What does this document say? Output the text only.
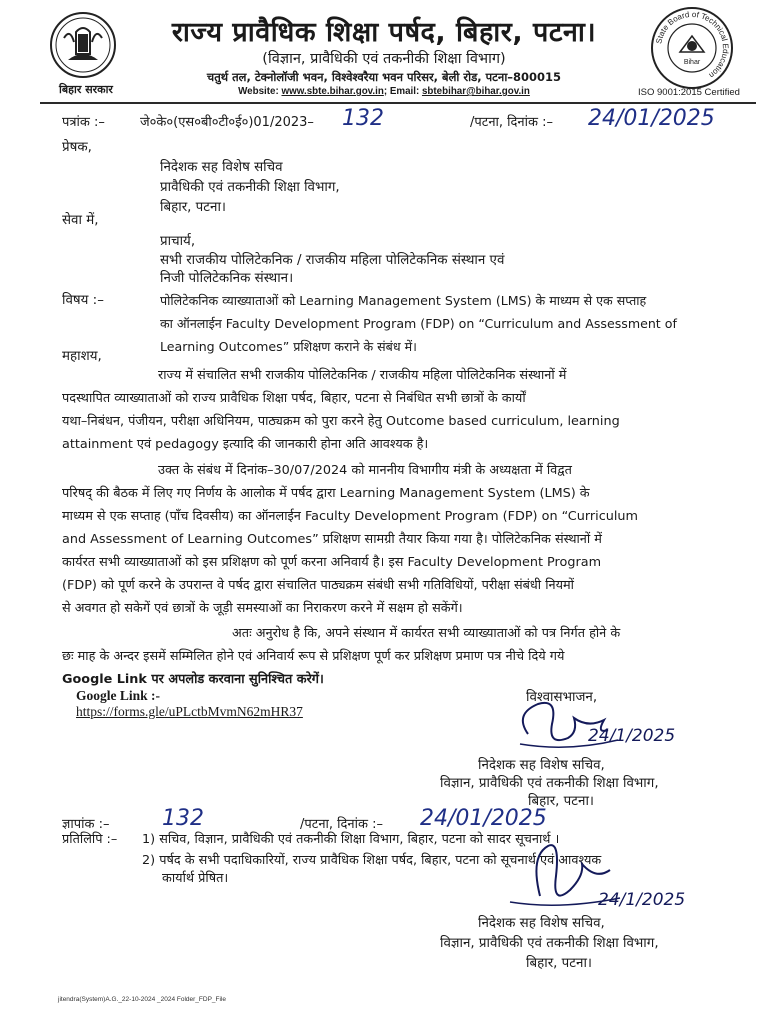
बिहार सरकार
राज्य प्रावैधिक शिक्षा पर्षद, बिहार, पटना।
(विज्ञान, प्रावैधिकी एवं तकनीकी शिक्षा विभाग)
चतुर्थ तल, टेक्नोलॉजी भवन, विश्वेश्वरैया भवन परिसर, बेली रोड, पटना–800015
Website: www.sbte.bihar.gov.in; Email: sbtebihar@bihar.gov.in
State Board of Technical Education
Bihar
ISO 9001:2015 Certified
पत्रांक :–	जे०के०(एस०बी०टी०ई०)01/2023– 132	/पटना, दिनांक :– 24/01/2025
प्रेषक,
निदेशक सह विशेष सचिव
प्रावैधिकी एवं तकनीकी शिक्षा विभाग,
बिहार, पटना।
सेवा में,
प्राचार्य,
सभी राजकीय पोलिटेकनिक / राजकीय महिला पोलिटेकनिक संस्थान एवं
निजी पोलिटेकनिक संस्थान।
विषय :–	पोलिटेकनिक व्याख्याताओं को Learning Management System (LMS) के माध्यम से एक सप्ताह
का ऑनलाईन Faculty Development Program (FDP) on “Curriculum and Assessment of
Learning Outcomes” प्रशिक्षण कराने के संबंध में।
महाशय,
राज्य में संचालित सभी राजकीय पोलिटेकनिक / राजकीय महिला पोलिटेकनिक संस्थानों में
पदस्थापित व्याख्याताओं को राज्य प्रावैधिक शिक्षा पर्षद, बिहार, पटना से निबंधित सभी छात्रों के कार्यों
यथा–निबंधन, पंजीयन, परीक्षा अधिनियम, पाठ्यक्रम को पुरा करने हेतु Outcome based curriculum, learning
attainment एवं pedagogy इत्यादि की जानकारी होना अति आवश्यक है।
उक्त के संबंध में दिनांक–30/07/2024 को माननीय विभागीय मंत्री के अध्यक्षता में विद्वत
परिषद् की बैठक में लिए गए निर्णय के आलोक में पर्षद द्वारा Learning Management System (LMS) के
माध्यम से एक सप्ताह (पाँच दिवसीय) का ऑनलाईन Faculty Development Program (FDP) on “Curriculum
and Assessment of Learning Outcomes” प्रशिक्षण सामग्री तैयार किया गया है। पोलिटेकनिक संस्थानों में
कार्यरत सभी व्याख्याताओं को इस प्रशिक्षण को पूर्ण करना अनिवार्य है। इस Faculty Development Program
(FDP) को पूर्ण करने के उपरान्त वे पर्षद द्वारा संचालित पाठ्यक्रम संबंधी सभी गतिविधियों, परीक्षा संबंधी नियमों
से अवगत हो सकेगें एवं छात्रों के जूड़ी समस्याओं का निराकरण करने में सक्षम हो सकेंगें।
अतः अनुरोध है कि, अपने संस्थान में कार्यरत सभी व्याख्याताओं को पत्र निर्गत होने के
छः माह के अन्दर इसमें सम्मिलित होने एवं अनिवार्य रूप से प्रशिक्षण पूर्ण कर प्रशिक्षण प्रमाण पत्र नीचे दिये गये
Google Link पर अपलोड करवाना सुनिश्चित करेगें।
Google Link :-
https://forms.gle/uPLctbMvmN62mHR37
विश्वासभाजन,
24/1/2025
निदेशक सह विशेष सचिव,
विज्ञान, प्रावैधिकी एवं तकनीकी शिक्षा विभाग,
बिहार, पटना।
ज्ञापांक :– 132	/पटना, दिनांक :– 24/01/2025
प्रतिलिपि :– 1) सचिव, विज्ञान, प्रावैधिकी एवं तकनीकी शिक्षा विभाग, बिहार, पटना को सादर सूचनार्थ ।
2) पर्षद के सभी पदाधिकारियों, राज्य प्रावैधिक शिक्षा पर्षद, बिहार, पटना को सूचनार्थ एवं आवश्यक
कार्यार्थ प्रेषित।
24/1/2025
निदेशक सह विशेष सचिव,
विज्ञान, प्रावैधिकी एवं तकनीकी शिक्षा विभाग,
बिहार, पटना।
jitendra(System)A.G._22-10-2024 _2024 Folder_FDP_File
